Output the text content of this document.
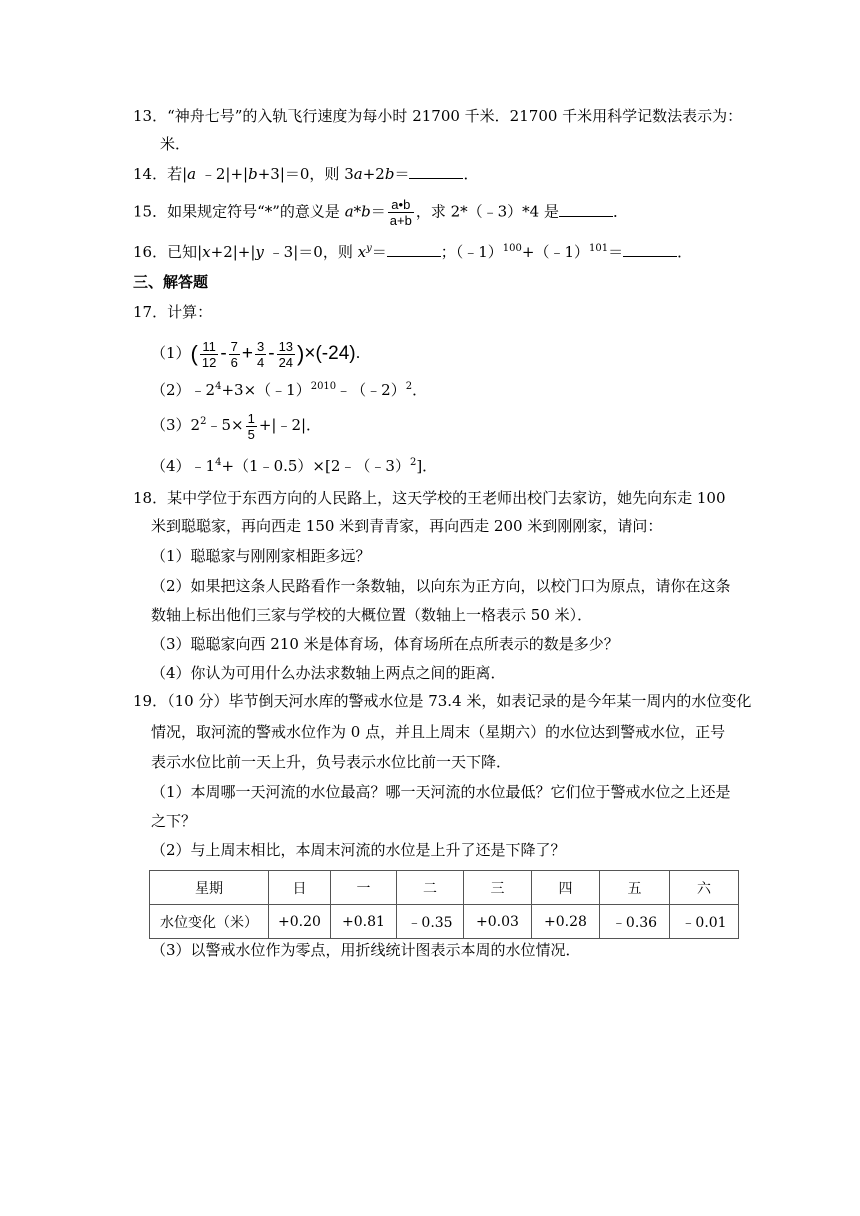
13．“神舟七号”的入轨飞行速度为每小时 21700 千米．21700 千米用科学记数法表示为：
米．
14．若|a ﹣2|+|b+3|＝0，则 3a+2b＝	．
15．如果规定符号“*”的意义是 $a*b= \frac{a•b}{a+b}$ ，求 2*（﹣3）*4 是	．
16．已知|x+2|+|y ﹣3|＝0，则 $x^y=$	；（﹣1）$^{100}$+（﹣1）$^{101}$＝	．
三、解答题
17．计算：
$(1)( \frac{11}{12} - \frac{7}{6} + \frac{3}{4} - \frac{13}{24} )\times(-24)$.
$(2)﹣2^4+3\times(﹣1)^{2010}﹣(﹣2)^2$．
$(3)2^2﹣5\times \frac{1}{5}$ +|﹣2|．
$(4)﹣1^4+(1﹣0.5)\times[2﹣(﹣3)^2]$．
18．某中学位于东西方向的人民路上，这天学校的王老师出校门去家访，她先向东走 100
米到聪聪家，再向西走 150 米到青青家，再向西走 200 米到刚刚家，请问：
（1）聪聪家与刚刚家相距多远？
（2）如果把这条人民路看作一条数轴，以向东为正方向，以校门口为原点，请你在这条
数轴上标出他们三家与学校的大概位置（数轴上一格表示 50 米）．
（3）聪聪家向西 210 米是体育场，体育场所在点所表示的数是多少？
（4）你认为可用什么办法求数轴上两点之间的距离．
19．（10 分）毕节倒天河水库的警戒水位是 73.4 米，如表记录的是今年某一周内的水位变化
情况，取河流的警戒水位作为 0 点，并且上周末（星期六）的水位达到警戒水位，正号
表示水位比前一天上升，负号表示水位比前一天下降．
（1）本周哪一天河流的水位最高？哪一天河流的水位最低？它们位于警戒水位之上还是
之下？
（2）与上周末相比，本周末河流的水位是上升了还是下降了？
星期	日	一	二	三	四	五	六
水位变化（米）	+0.20	+0.81	﹣0.35	+0.03	+0.28	﹣0.36	﹣0.01
（3）以警戒水位作为零点，用折线统计图表示本周的水位情况．
